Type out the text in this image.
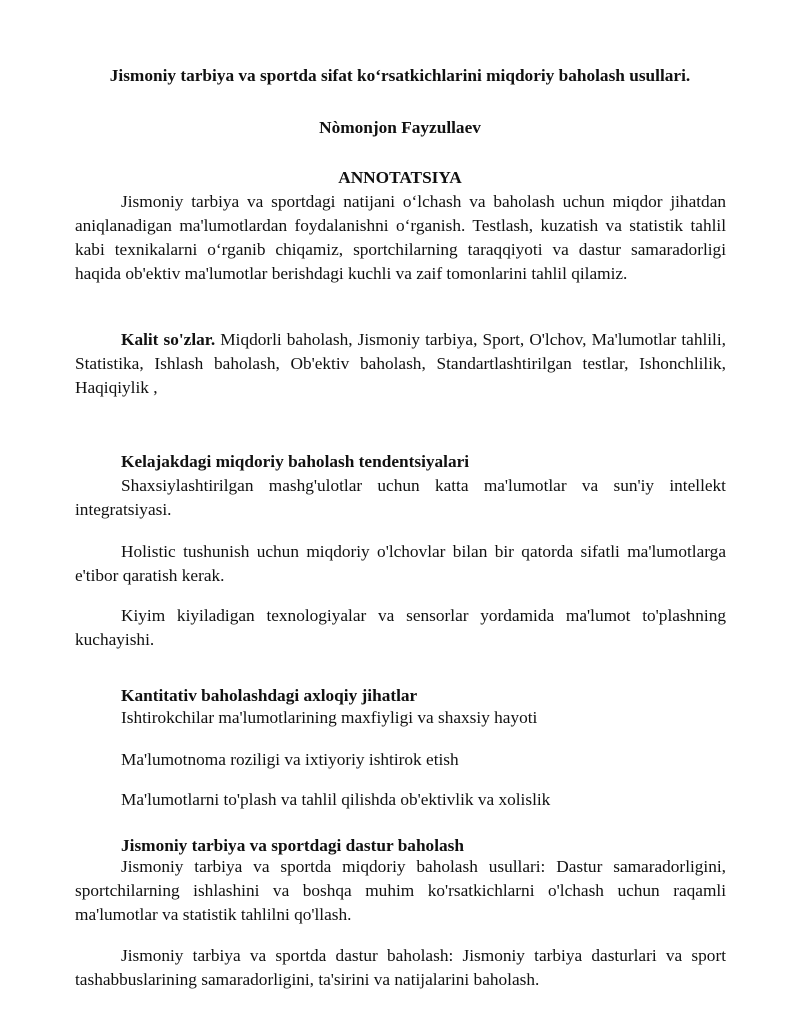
Jismoniy tarbiya va sportda sifat ko‘rsatkichlarini miqdoriy baholash usullari.

Nòmonjon Fayzullaev

ANNOTATSIYA

Jismoniy tarbiya va sportdagi natijani o‘lchash va baholash uchun miqdor jihatdan aniqlanadigan ma'lumotlardan foydalanishni o‘rganish. Testlash, kuzatish va statistik tahlil kabi texnikalarni o‘rganib chiqamiz, sportchilarning taraqqiyoti va dastur samaradorligi haqida ob'ektiv ma'lumotlar berishdagi kuchli va zaif tomonlarini tahlil qilamiz.

Kalit so'zlar. Miqdorli baholash, Jismoniy tarbiya, Sport, O'lchov, Ma'lumotlar tahlili, Statistika, Ishlash baholash, Ob'ektiv baholash, Standartlashtirilgan testlar, Ishonchlilik, Haqiqiylik ,

Kelajakdagi miqdoriy baholash tendentsiyalari

Shaxsiylashtirilgan mashg'ulotlar uchun katta ma'lumotlar va sun'iy intellekt integratsiyasi.

Holistic tushunish uchun miqdoriy o'lchovlar bilan bir qatorda sifatli ma'lumotlarga e'tibor qaratish kerak.

Kiyim kiyiladigan texnologiyalar va sensorlar yordamida ma'lumot to'plashning kuchayishi.

Kantitativ baholashdagi axloqiy jihatlar

Ishtirokchilar ma'lumotlarining maxfiyligi va shaxsiy hayoti

Ma'lumotnoma roziligi va ixtiyoriy ishtirok etish

Ma'lumotlarni to'plash va tahlil qilishda ob'ektivlik va xolislik

Jismoniy tarbiya va sportdagi dastur baholash

Jismoniy tarbiya va sportda miqdoriy baholash usullari: Dastur samaradorligini, sportchilarning ishlashini va boshqa muhim ko'rsatkichlarni o'lchash uchun raqamli ma'lumotlar va statistik tahlilni qo'llash.

Jismoniy tarbiya va sportda dastur baholash: Jismoniy tarbiya dasturlari va sport tashabbuslarining samaradorligini, ta'sirini va natijalarini baholash.
